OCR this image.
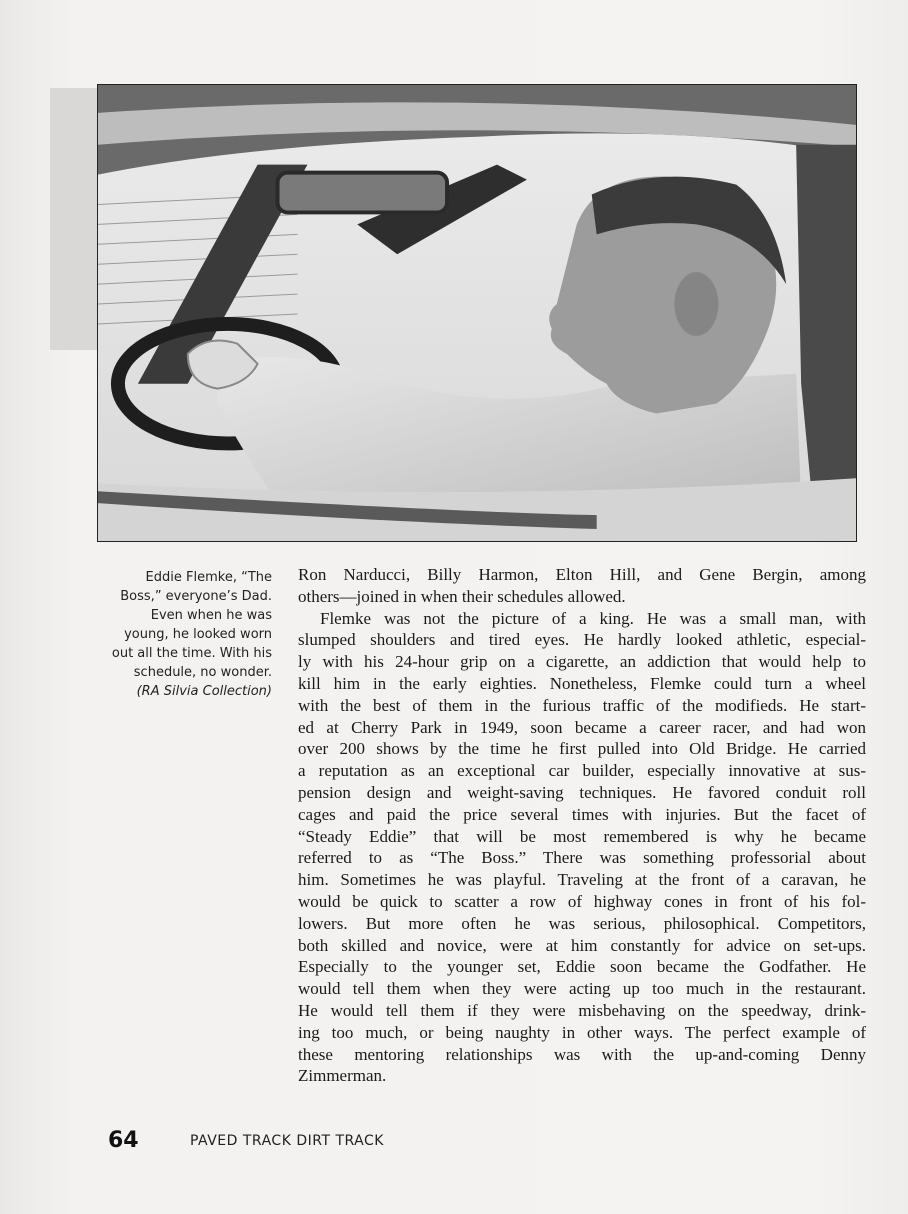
Eddie Flemke, “The
Boss,” everyone’s Dad.
Even when he was
young, he looked worn
out all the time. With his
schedule, no wonder.
(RA Silvia Collection)
Ron Narducci, Billy Harmon, Elton Hill, and Gene Bergin, among
others—joined in when their schedules allowed.
Flemke was not the picture of a king. He was a small man, with
slumped shoulders and tired eyes. He hardly looked athletic, especial-
ly with his 24-hour grip on a cigarette, an addiction that would help to
kill him in the early eighties. Nonetheless, Flemke could turn a wheel
with the best of them in the furious traffic of the modifieds. He start-
ed at Cherry Park in 1949, soon became a career racer, and had won
over 200 shows by the time he first pulled into Old Bridge. He carried
a reputation as an exceptional car builder, especially innovative at sus-
pension design and weight-saving techniques. He favored conduit roll
cages and paid the price several times with injuries. But the facet of
“Steady Eddie” that will be most remembered is why he became
referred to as “The Boss.” There was something professorial about
him. Sometimes he was playful. Traveling at the front of a caravan, he
would be quick to scatter a row of highway cones in front of his fol-
lowers. But more often he was serious, philosophical. Competitors,
both skilled and novice, were at him constantly for advice on set-ups.
Especially to the younger set, Eddie soon became the Godfather. He
would tell them when they were acting up too much in the restaurant.
He would tell them if they were misbehaving on the speedway, drink-
ing too much, or being naughty in other ways. The perfect example of
these mentoring relationships was with the up-and-coming Denny
Zimmerman.
64	PAVED TRACK DIRT TRACK
